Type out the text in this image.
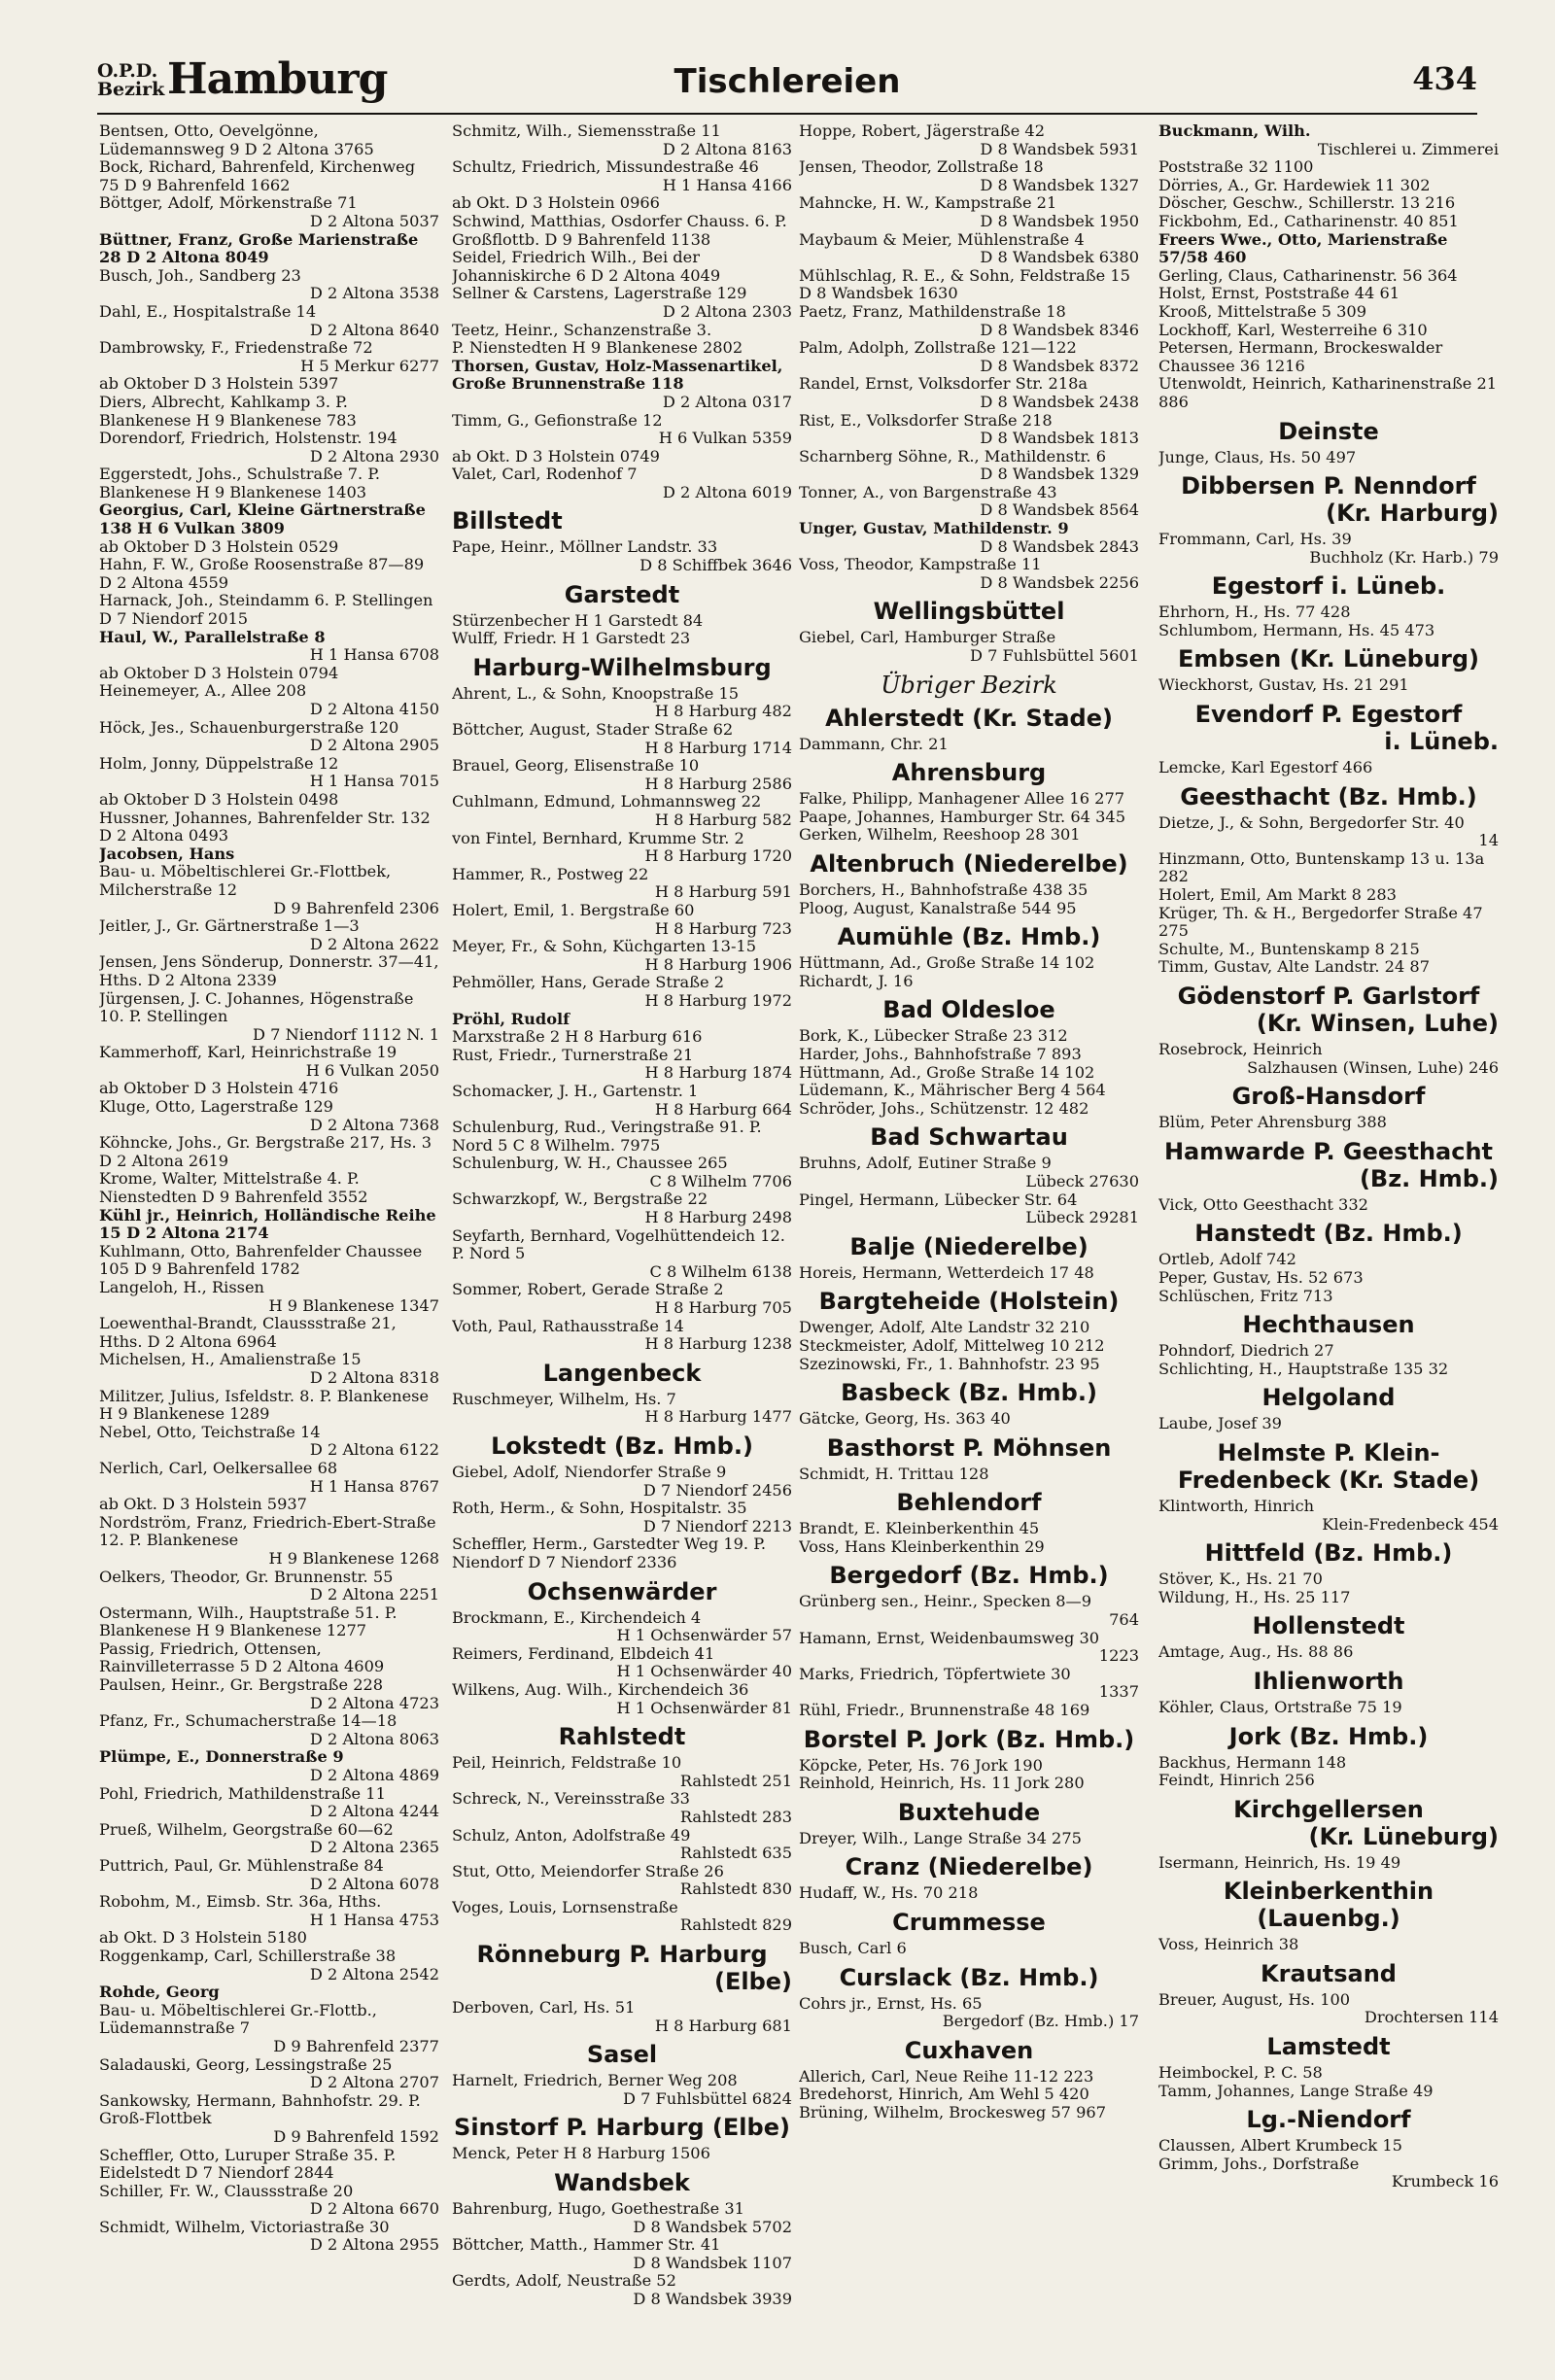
O.P.D.
Bezirk Hamburg	Tischlereien	434
Bentsen, Otto, Oevelgönne, Lüdemannsweg 9 D 2 Altona 3765
Bock, Richard, Bahrenfeld, Kirchenweg 75 D 9 Bahrenfeld 1662
Böttger, Adolf, Mörkenstraße 71
D 2 Altona 5037
Büttner, Franz, Große Marienstraße 28 D 2 Altona 8049
Busch, Joh., Sandberg 23
D 2 Altona 3538
Dahl, E., Hospitalstraße 14
D 2 Altona 8640
Dambrowsky, F., Friedenstraße 72
H 5 Merkur 6277
ab Oktober D 3 Holstein 5397
Diers, Albrecht, Kahlkamp 3. P. Blankenese H 9 Blankenese 783
Dorendorf, Friedrich, Holstenstr. 194
D 2 Altona 2930
Eggerstedt, Johs., Schulstraße 7. P. Blankenese H 9 Blankenese 1403
Georgius, Carl, Kleine Gärtnerstraße 138 H 6 Vulkan 3809
ab Oktober D 3 Holstein 0529
Hahn, F. W., Große Roosenstraße 87—89 D 2 Altona 4559
Harnack, Joh., Steindamm 6. P. Stellingen D 7 Niendorf 2015
Haul, W., Parallelstraße 8
H 1 Hansa 6708
ab Oktober D 3 Holstein 0794
Heinemeyer, A., Allee 208
D 2 Altona 4150
Höck, Jes., Schauenburgerstraße 120
D 2 Altona 2905
Holm, Jonny, Düppelstraße 12
H 1 Hansa 7015
ab Oktober D 3 Holstein 0498
Hussner, Johannes, Bahrenfelder Str. 132 D 2 Altona 0493
Jacobsen, Hans
Bau- u. Möbeltischlerei Gr.-Flottbek, Milcherstraße 12
D 9 Bahrenfeld 2306
Jeitler, J., Gr. Gärtnerstraße 1—3
D 2 Altona 2622
Jensen, Jens Sönderup, Donnerstr. 37—41, Hths. D 2 Altona 2339
Jürgensen, J. C. Johannes, Högenstraße 10. P. Stellingen
D 7 Niendorf 1112 N. 1
Kammerhoff, Karl, Heinrichstraße 19
H 6 Vulkan 2050
ab Oktober D 3 Holstein 4716
Kluge, Otto, Lagerstraße 129
D 2 Altona 7368
Köhncke, Johs., Gr. Bergstraße 217, Hs. 3 D 2 Altona 2619
Krome, Walter, Mittelstraße 4. P. Nienstedten D 9 Bahrenfeld 3552
Kühl jr., Heinrich, Holländische Reihe 15 D 2 Altona 2174
Kuhlmann, Otto, Bahrenfelder Chaussee 105 D 9 Bahrenfeld 1782
Langeloh, H., Rissen
H 9 Blankenese 1347
Loewenthal-Brandt, Claussstraße 21, Hths. D 2 Altona 6964
Michelsen, H., Amalienstraße 15
D 2 Altona 8318
Militzer, Julius, Isfeldstr. 8. P. Blankenese H 9 Blankenese 1289
Nebel, Otto, Teichstraße 14
D 2 Altona 6122
Nerlich, Carl, Oelkersallee 68
H 1 Hansa 8767
ab Okt. D 3 Holstein 5937
Nordström, Franz, Friedrich-Ebert-Straße 12. P. Blankenese
H 9 Blankenese 1268
Oelkers, Theodor, Gr. Brunnenstr. 55
D 2 Altona 2251
Ostermann, Wilh., Hauptstraße 51. P. Blankenese H 9 Blankenese 1277
Passig, Friedrich, Ottensen, Rainvilleterrasse 5 D 2 Altona 4609
Paulsen, Heinr., Gr. Bergstraße 228
D 2 Altona 4723
Pfanz, Fr., Schumacherstraße 14—18
D 2 Altona 8063
Plümpe, E., Donnerstraße 9
D 2 Altona 4869
Pohl, Friedrich, Mathildenstraße 11
D 2 Altona 4244
Prueß, Wilhelm, Georgstraße 60—62
D 2 Altona 2365
Puttrich, Paul, Gr. Mühlenstraße 84
D 2 Altona 6078
Robohm, M., Eimsb. Str. 36a, Hths.
H 1 Hansa 4753
ab Okt. D 3 Holstein 5180
Roggenkamp, Carl, Schillerstraße 38
D 2 Altona 2542
Rohde, Georg
Bau- u. Möbeltischlerei Gr.-Flottb., Lüdemannstraße 7
D 9 Bahrenfeld 2377
Saladauski, Georg, Lessingstraße 25
D 2 Altona 2707
Sankowsky, Hermann, Bahnhofstr. 29. P. Groß-Flottbek
D 9 Bahrenfeld 1592
Scheffler, Otto, Luruper Straße 35. P. Eidelstedt D 7 Niendorf 2844
Schiller, Fr. W., Claussstraße 20
D 2 Altona 6670
Schmidt, Wilhelm, Victoriastraße 30
D 2 Altona 2955
Schmitz, Wilh., Siemensstraße 11
D 2 Altona 8163
Schultz, Friedrich, Missundestraße 46
H 1 Hansa 4166
ab Okt. D 3 Holstein 0966
Schwind, Matthias, Osdorfer Chauss. 6. P. Großflottb. D 9 Bahrenfeld 1138
Seidel, Friedrich Wilh., Bei der Johanniskirche 6 D 2 Altona 4049
Sellner & Carstens, Lagerstraße 129
D 2 Altona 2303
Teetz, Heinr., Schanzenstraße 3.
P. Nienstedten H 9 Blankenese 2802
Thorsen, Gustav, Holz-Massenartikel, Große Brunnenstraße 118
D 2 Altona 0317
Timm, G., Gefionstraße 12
H 6 Vulkan 5359
ab Okt. D 3 Holstein 0749
Valet, Carl, Rodenhof 7
D 2 Altona 6019
Billstedt
Pape, Heinr., Möllner Landstr. 33
D 8 Schiffbek 3646
Garstedt
Stürzenbecher H 1 Garstedt 84
Wulff, Friedr. H 1 Garstedt 23
Harburg-Wilhelmsburg
Ahrent, L., & Sohn, Knoopstraße 15
H 8 Harburg 482
Böttcher, August, Stader Straße 62
H 8 Harburg 1714
Brauel, Georg, Elisenstraße 10
H 8 Harburg 2586
Cuhlmann, Edmund, Lohmannsweg 22
H 8 Harburg 582
von Fintel, Bernhard, Krumme Str. 2
H 8 Harburg 1720
Hammer, R., Postweg 22
H 8 Harburg 591
Holert, Emil, 1. Bergstraße 60
H 8 Harburg 723
Meyer, Fr., & Sohn, Küchgarten 13-15
H 8 Harburg 1906
Pehmöller, Hans, Gerade Straße 2
H 8 Harburg 1972
Pröhl, Rudolf
Marxstraße 2 H 8 Harburg 616
Rust, Friedr., Turnerstraße 21
H 8 Harburg 1874
Schomacker, J. H., Gartenstr. 1
H 8 Harburg 664
Schulenburg, Rud., Veringstraße 91. P. Nord 5 C 8 Wilhelm. 7975
Schulenburg, W. H., Chaussee 265
C 8 Wilhelm 7706
Schwarzkopf, W., Bergstraße 22
H 8 Harburg 2498
Seyfarth, Bernhard, Vogelhüttendeich 12. P. Nord 5
C 8 Wilhelm 6138
Sommer, Robert, Gerade Straße 2
H 8 Harburg 705
Voth, Paul, Rathausstraße 14
H 8 Harburg 1238
Langenbeck
Ruschmeyer, Wilhelm, Hs. 7
H 8 Harburg 1477
Lokstedt (Bz. Hmb.)
Giebel, Adolf, Niendorfer Straße 9
D 7 Niendorf 2456
Roth, Herm., & Sohn, Hospitalstr. 35
D 7 Niendorf 2213
Scheffler, Herm., Garstedter Weg 19. P. Niendorf D 7 Niendorf 2336
Ochsenwärder
Brockmann, E., Kirchendeich 4
H 1 Ochsenwärder 57
Reimers, Ferdinand, Elbdeich 41
H 1 Ochsenwärder 40
Wilkens, Aug. Wilh., Kirchendeich 36
H 1 Ochsenwärder 81
Rahlstedt
Peil, Heinrich, Feldstraße 10
Rahlstedt 251
Schreck, N., Vereinsstraße 33
Rahlstedt 283
Schulz, Anton, Adolfstraße 49
Rahlstedt 635
Stut, Otto, Meiendorfer Straße 26
Rahlstedt 830
Voges, Louis, Lornsenstraße
Rahlstedt 829
Rönneburg P. Harburg
(Elbe)
Derboven, Carl, Hs. 51
H 8 Harburg 681
Sasel
Harnelt, Friedrich, Berner Weg 208
D 7 Fuhlsbüttel 6824
Sinstorf P. Harburg (Elbe)
Menck, Peter H 8 Harburg 1506
Wandsbek
Bahrenburg, Hugo, Goethestraße 31
D 8 Wandsbek 5702
Böttcher, Matth., Hammer Str. 41
D 8 Wandsbek 1107
Gerdts, Adolf, Neustraße 52
D 8 Wandsbek 3939
Hoppe, Robert, Jägerstraße 42
D 8 Wandsbek 5931
Jensen, Theodor, Zollstraße 18
D 8 Wandsbek 1327
Mahncke, H. W., Kampstraße 21
D 8 Wandsbek 1950
Maybaum & Meier, Mühlenstraße 4
D 8 Wandsbek 6380
Mühlschlag, R. E., & Sohn, Feldstraße 15 D 8 Wandsbek 1630
Paetz, Franz, Mathildenstraße 18
D 8 Wandsbek 8346
Palm, Adolph, Zollstraße 121—122
D 8 Wandsbek 8372
Randel, Ernst, Volksdorfer Str. 218a
D 8 Wandsbek 2438
Rist, E., Volksdorfer Straße 218
D 8 Wandsbek 1813
Scharnberg Söhne, R., Mathildenstr. 6
D 8 Wandsbek 1329
Tonner, A., von Bargenstraße 43
D 8 Wandsbek 8564
Unger, Gustav, Mathildenstr. 9
D 8 Wandsbek 2843
Voss, Theodor, Kampstraße 11
D 8 Wandsbek 2256
Wellingsbüttel
Giebel, Carl, Hamburger Straße
D 7 Fuhlsbüttel 5601
Übriger Bezirk
Ahlerstedt (Kr. Stade)
Dammann, Chr. 21
Ahrensburg
Falke, Philipp, Manhagener Allee 16 277
Paape, Johannes, Hamburger Str. 64 345
Gerken, Wilhelm, Reeshoop 28 301
Altenbruch (Niederelbe)
Borchers, H., Bahnhofstraße 438 35
Ploog, August, Kanalstraße 544 95
Aumühle (Bz. Hmb.)
Hüttmann, Ad., Große Straße 14 102
Richardt, J. 16
Bad Oldesloe
Bork, K., Lübecker Straße 23 312
Harder, Johs., Bahnhofstraße 7 893
Hüttmann, Ad., Große Straße 14 102
Lüdemann, K., Mährischer Berg 4 564
Schröder, Johs., Schützenstr. 12 482
Bad Schwartau
Bruhns, Adolf, Eutiner Straße 9
Lübeck 27630
Pingel, Hermann, Lübecker Str. 64
Lübeck 29281
Balje (Niederelbe)
Horeis, Hermann, Wetterdeich 17 48
Bargteheide (Holstein)
Dwenger, Adolf, Alte Landstr 32 210
Steckmeister, Adolf, Mittelweg 10 212
Szezinowski, Fr., 1. Bahnhofstr. 23 95
Basbeck (Bz. Hmb.)
Gätcke, Georg, Hs. 363 40
Basthorst P. Möhnsen
Schmidt, H. Trittau 128
Behlendorf
Brandt, E. Kleinberkenthin 45
Voss, Hans Kleinberkenthin 29
Bergedorf (Bz. Hmb.)
Grünberg sen., Heinr., Specken 8—9
764
Hamann, Ernst, Weidenbaumsweg 30
1223
Marks, Friedrich, Töpfertwiete 30
1337
Rühl, Friedr., Brunnenstraße 48 169
Borstel P. Jork (Bz. Hmb.)
Köpcke, Peter, Hs. 76 Jork 190
Reinhold, Heinrich, Hs. 11 Jork 280
Buxtehude
Dreyer, Wilh., Lange Straße 34 275
Cranz (Niederelbe)
Hudaff, W., Hs. 70 218
Crummesse
Busch, Carl 6
Curslack (Bz. Hmb.)
Cohrs jr., Ernst, Hs. 65
Bergedorf (Bz. Hmb.) 17
Cuxhaven
Allerich, Carl, Neue Reihe 11-12 223
Bredehorst, Hinrich, Am Wehl 5 420
Brüning, Wilhelm, Brockesweg 57 967
Buckmann, Wilh.
Tischlerei u. Zimmerei
Poststraße 32 1100
Dörries, A., Gr. Hardewiek 11 302
Döscher, Geschw., Schillerstr. 13 216
Fickbohm, Ed., Catharinenstr. 40 851
Freers Wwe., Otto, Marienstraße 57/58 460
Gerling, Claus, Catharinenstr. 56 364
Holst, Ernst, Poststraße 44 61
Krooß, Mittelstraße 5 309
Lockhoff, Karl, Westerreihe 6 310
Petersen, Hermann, Brockeswalder Chaussee 36 1216
Utenwoldt, Heinrich, Katharinenstraße 21 886
Deinste
Junge, Claus, Hs. 50 497
Dibbersen P. Nenndorf
(Kr. Harburg)
Frommann, Carl, Hs. 39
Buchholz (Kr. Harb.) 79
Egestorf i. Lüneb.
Ehrhorn, H., Hs. 77 428
Schlumbom, Hermann, Hs. 45 473
Embsen (Kr. Lüneburg)
Wieckhorst, Gustav, Hs. 21 291
Evendorf P. Egestorf
i. Lüneb.
Lemcke, Karl Egestorf 466
Geesthacht (Bz. Hmb.)
Dietze, J., & Sohn, Bergedorfer Str. 40
14
Hinzmann, Otto, Buntenskamp 13 u. 13a 282
Holert, Emil, Am Markt 8 283
Krüger, Th. & H., Bergedorfer Straße 47 275
Schulte, M., Buntenskamp 8 215
Timm, Gustav, Alte Landstr. 24 87
Gödenstorf P. Garlstorf
(Kr. Winsen, Luhe)
Rosebrock, Heinrich
Salzhausen (Winsen, Luhe) 246
Groß-Hansdorf
Blüm, Peter Ahrensburg 388
Hamwarde P. Geesthacht
(Bz. Hmb.)
Vick, Otto Geesthacht 332
Hanstedt (Bz. Hmb.)
Ortleb, Adolf 742
Peper, Gustav, Hs. 52 673
Schlüschen, Fritz 713
Hechthausen
Pohndorf, Diedrich 27
Schlichting, H., Hauptstraße 135 32
Helgoland
Laube, Josef 39
Helmste P. Klein-Fredenbeck (Kr. Stade)
Klintworth, Hinrich
Klein-Fredenbeck 454
Hittfeld (Bz. Hmb.)
Stöver, K., Hs. 21 70
Wildung, H., Hs. 25 117
Hollenstedt
Amtage, Aug., Hs. 88 86
Ihlienworth
Köhler, Claus, Ortstraße 75 19
Jork (Bz. Hmb.)
Backhus, Hermann 148
Feindt, Hinrich 256
Kirchgellersen
(Kr. Lüneburg)
Isermann, Heinrich, Hs. 19 49
Kleinberkenthin (Lauenbg.)
Voss, Heinrich 38
Krautsand
Breuer, August, Hs. 100
Drochtersen 114
Lamstedt
Heimbockel, P. C. 58
Tamm, Johannes, Lange Straße 49
Lg.-Niendorf
Claussen, Albert Krumbeck 15
Grimm, Johs., Dorfstraße
Krumbeck 16
